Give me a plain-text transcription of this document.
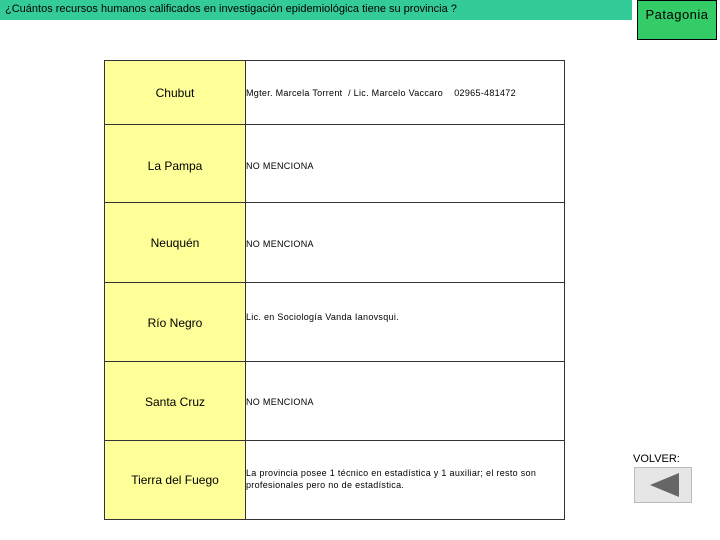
¿Cuántos recursos humanos calificados en investigación epidemiológica tiene su provincia ?	Patagonia
Chubut	Mgter. Marcela Torrent  / Lic. Marcelo Vaccaro    02965-481472

La Pampa	NO MENCIONA

Neuquén	NO MENCIONA

Río Negro	Lic. en Sociología Vanda Ianovsqui.

Santa Cruz	NO MENCIONA

Tierra del Fuego	La provincia posee 1 técnico en estadística y 1 auxiliar; el resto son profesionales pero no de estadística.
VOLVER:
